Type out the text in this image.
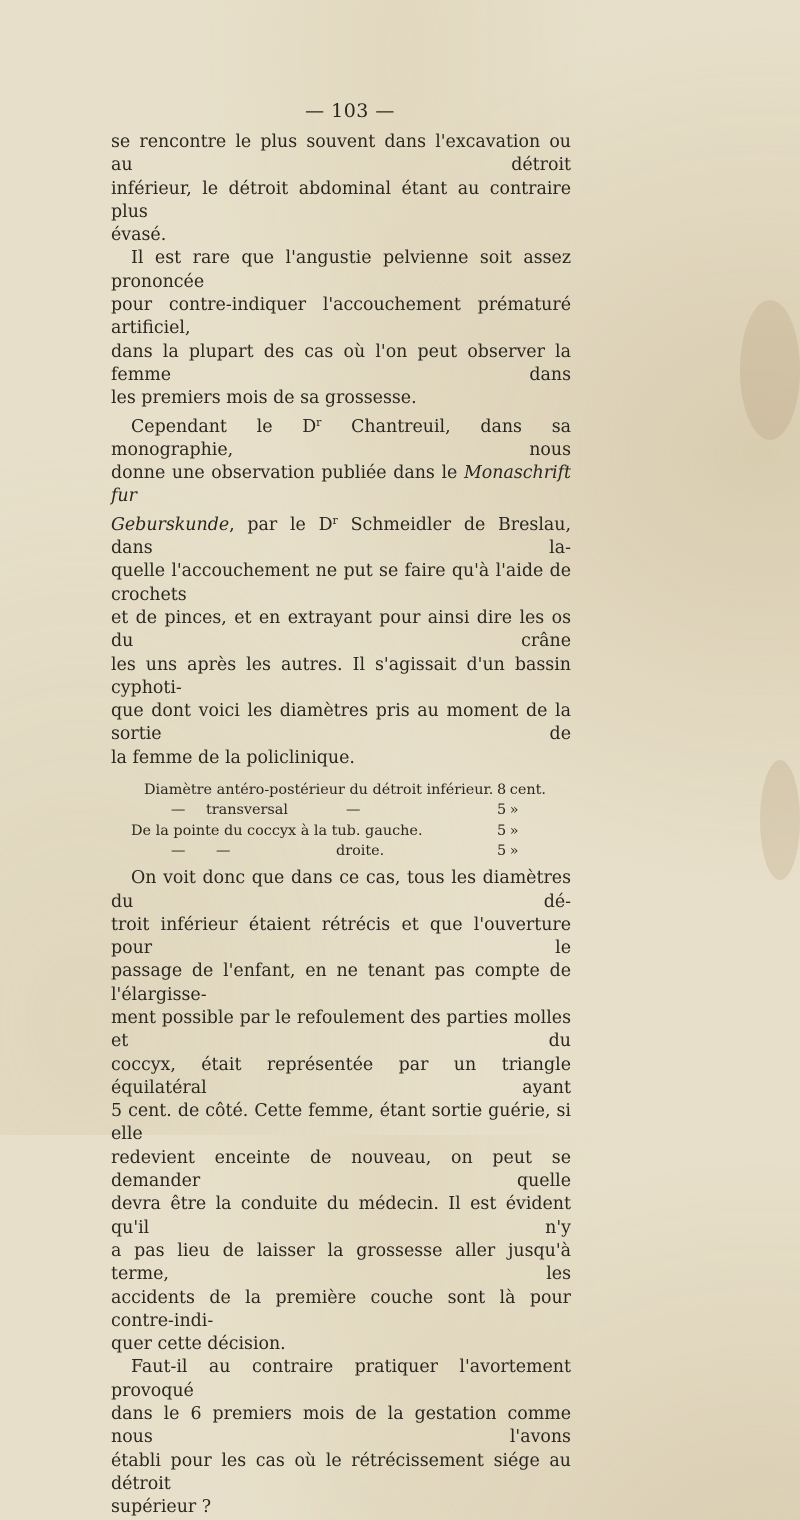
— 103 —

se rencontre le plus souvent dans l'excavation ou au détroit

inférieur, le détroit abdominal étant au contraire plus

évasé.

Il est rare que l'angustie pelvienne soit assez prononcée

pour contre-indiquer l'accouchement prématuré artificiel,

dans la plupart des cas où l'on peut observer la femme dans

les premiers mois de sa grossesse.

Cependant le $D^r$ Chantreuil, dans sa monographie, nous

donne une observation publiée dans le Monaschrift fur

Geburskunde, par le $D^r$ Schmeidler de Breslau, dans la-

quelle l'accouchement ne put se faire qu'à l'aide de crochets

et de pinces, et en extrayant pour ainsi dire les os du crâne

les uns après les autres. Il s'agissait d'un bassin cyphoti-

que dont voici les diamètres pris au moment de la sortie de

la femme de la policlinique.

Diamètre antéro-postérieur du détroit inférieur.	8	cent.
— transversal —	5	»
De la pointe du coccyx à la tub. gauche.	5	»
— — droite.	5	»

On voit donc que dans ce cas, tous les diamètres du dé-

troit inférieur étaient rétrécis et que l'ouverture pour le

passage de l'enfant, en ne tenant pas compte de l'élargisse-

ment possible par le refoulement des parties molles et du

coccyx, était représentée par un triangle équilatéral ayant

5 cent. de côté. Cette femme, étant sortie guérie, si elle

redevient enceinte de nouveau, on peut se demander quelle

devra être la conduite du médecin. Il est évident qu'il n'y

a pas lieu de laisser la grossesse aller jusqu'à terme, les

accidents de la première couche sont là pour contre-indi-

quer cette décision.

Faut-il au contraire pratiquer l'avortement provoqué

dans le 6 premiers mois de la gestation comme nous l'avons

établi pour les cas où le rétrécissement siége au détroit

supérieur ?
